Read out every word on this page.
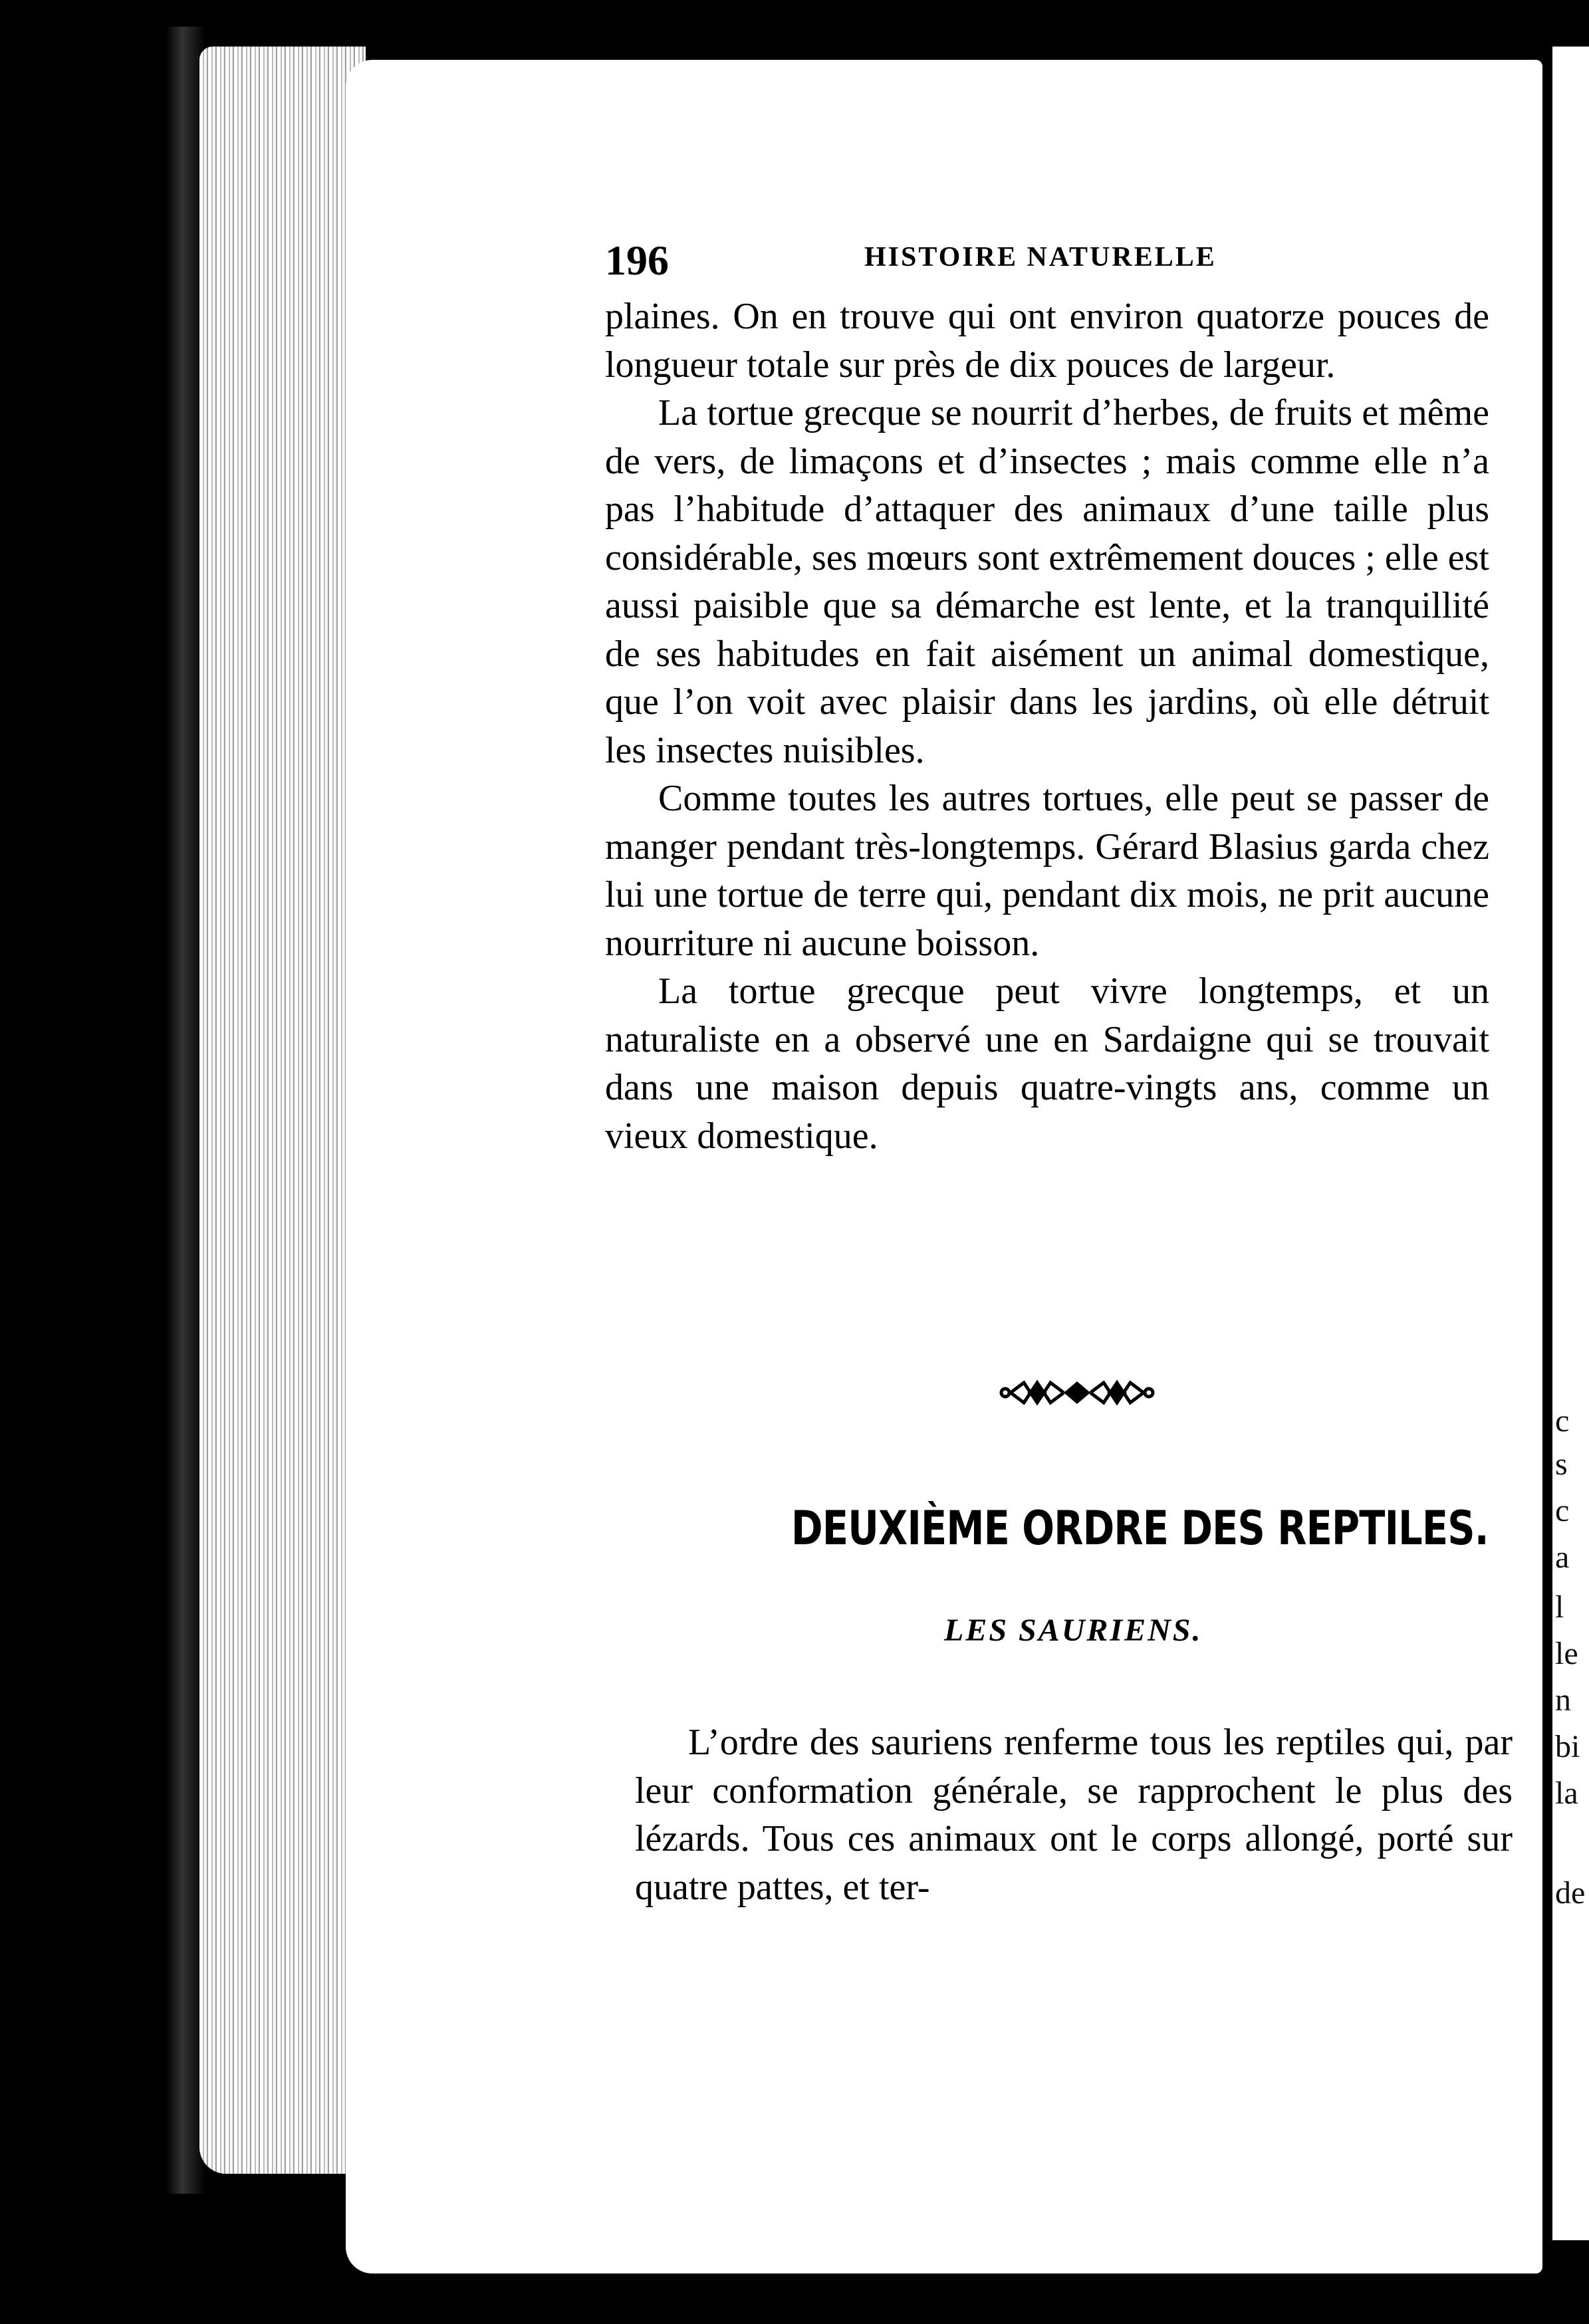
c
s
c
a
l
le
n
bi
la
de
196	HISTOIRE NATURELLE

plaines. On en trouve qui ont environ quatorze pouces de longueur totale sur près de dix pouces de largeur.

La tortue grecque se nourrit d’herbes, de fruits et même de vers, de limaçons et d’insectes ; mais comme elle n’a pas l’habitude d’attaquer des animaux d’une taille plus considérable, ses mœurs sont extrêmement douces ; elle est aussi paisible que sa démarche est lente, et la tranquillité de ses habitudes en fait aisément un animal domestique, que l’on voit avec plaisir dans les jardins, où elle détruit les insectes nuisibles.

Comme toutes les autres tortues, elle peut se passer de manger pendant très-longtemps. Gérard Blasius garda chez lui une tortue de terre qui, pendant dix mois, ne prit aucune nourriture ni aucune boisson.

La tortue grecque peut vivre longtemps, et un naturaliste en a observé une en Sardaigne qui se trouvait dans une maison depuis quatre-vingts ans, comme un vieux domestique.

DEUXIÈME ORDRE DES REPTILES.
LES SAURIENS.

L’ordre des sauriens renferme tous les reptiles qui, par leur conformation générale, se rapprochent le plus des lézards. Tous ces animaux ont le corps allongé, porté sur quatre pattes, et ter-
